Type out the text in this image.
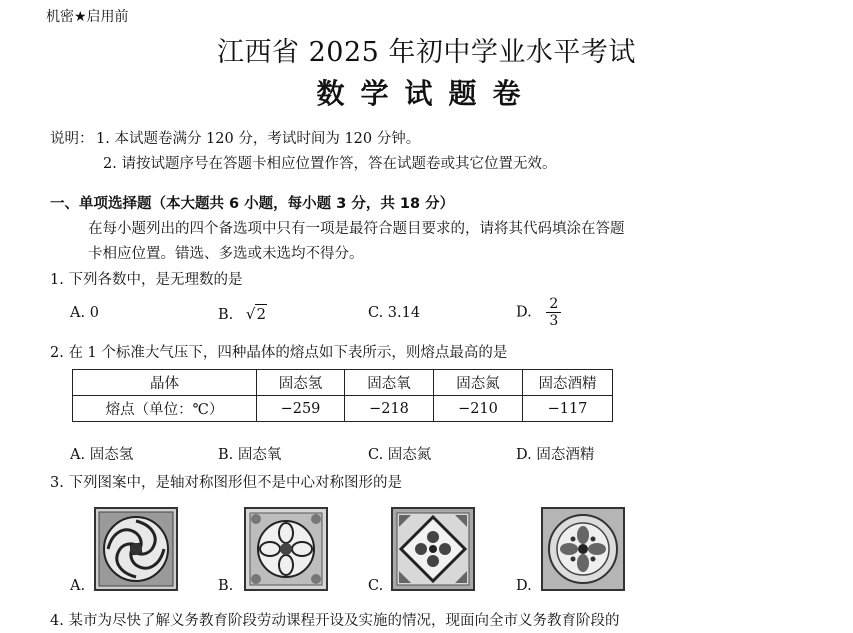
机密★启用前
江西省 2025 年初中学业水平考试
数学试题卷
说明： 1. 本试题卷满分 120 分，考试时间为 120 分钟。
2. 请按试题序号在答题卡相应位置作答，答在试题卷或其它位置无效。
一、单项选择题（本大题共 6 小题，每小题 3 分，共 18 分）
在每小题列出的四个备选项中只有一项是最符合题目要求的，请将其代码填涂在答题
卡相应位置。错选、多选或未选均不得分。
1. 下列各数中，是无理数的是
A. 0	B. √2	C. 3.14	D. $\frac{2}{3}$
2. 在 1 个标准大气压下，四种晶体的熔点如下表所示，则熔点最高的是
晶体	固态氢	固态氧	固态氮	固态酒精
熔点（单位：℃）	−259	−218	−210	−117
A. 固态氢	B. 固态氧	C. 固态氮	D. 固态酒精
3. 下列图案中，是轴对称图形但不是中心对称图形的是
A.	B.	C.	D.
4. 某市为尽快了解义务教育阶段劳动课程开设及实施的情况，现面向全市义务教育阶段的
